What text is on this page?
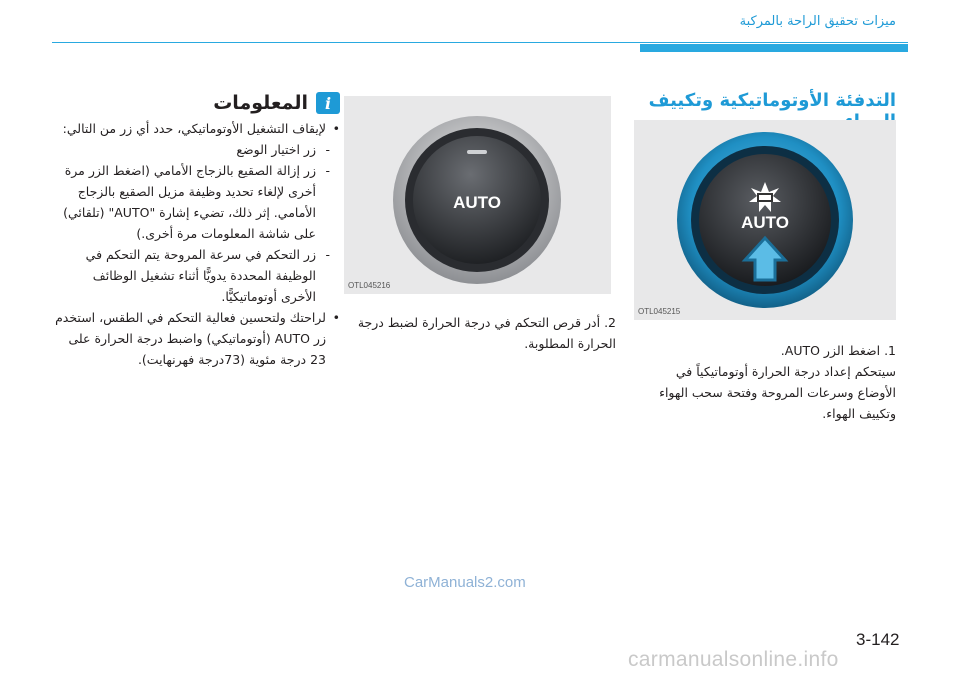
ميزات تحقيق الراحة بالمركبة
التدفئة الأوتوماتيكية وتكييف
AUTO
OTL045215
1. اضغط الزر AUTO.
سيتحكم إعداد درجة الحرارة أوتوماتيكياً في الأوضاع وسرعات المروحة وفتحة سحب الهواء وتكييف الهواء.
AUTO
OTL045216
2. أدر قرص التحكم في درجة الحرارة لضبط درجة الحرارة المطلوبة.
i
المعلومات
• لإيقاف التشغيل الأوتوماتيكي، حدد أي زر من التالي:
- زر اختيار الوضع
- زر إزالة الصقيع بالزجاج الأمامي (اضغط الزر مرة أخرى لإلغاء تحديد وظيفة مزيل الصقيع بالزجاج الأمامي. إثر ذلك، تضيء إشارة "AUTO" (تلقائي) على شاشة المعلومات مرة أخرى.)
- زر التحكم في سرعة المروحة يتم التحكم في الوظيفة المحددة يدويًّا أثناء تشغيل الوظائف الأخرى أوتوماتيكيًّا.
• لراحتك ولتحسين فعالية التحكم في الطقس، استخدم زر AUTO (أوتوماتيكي) واضبط درجة الحرارة على 23 درجة مئوية (73درجة فهرنهايت).
CarManuals2.com
3-142
carmanualsonline.info
